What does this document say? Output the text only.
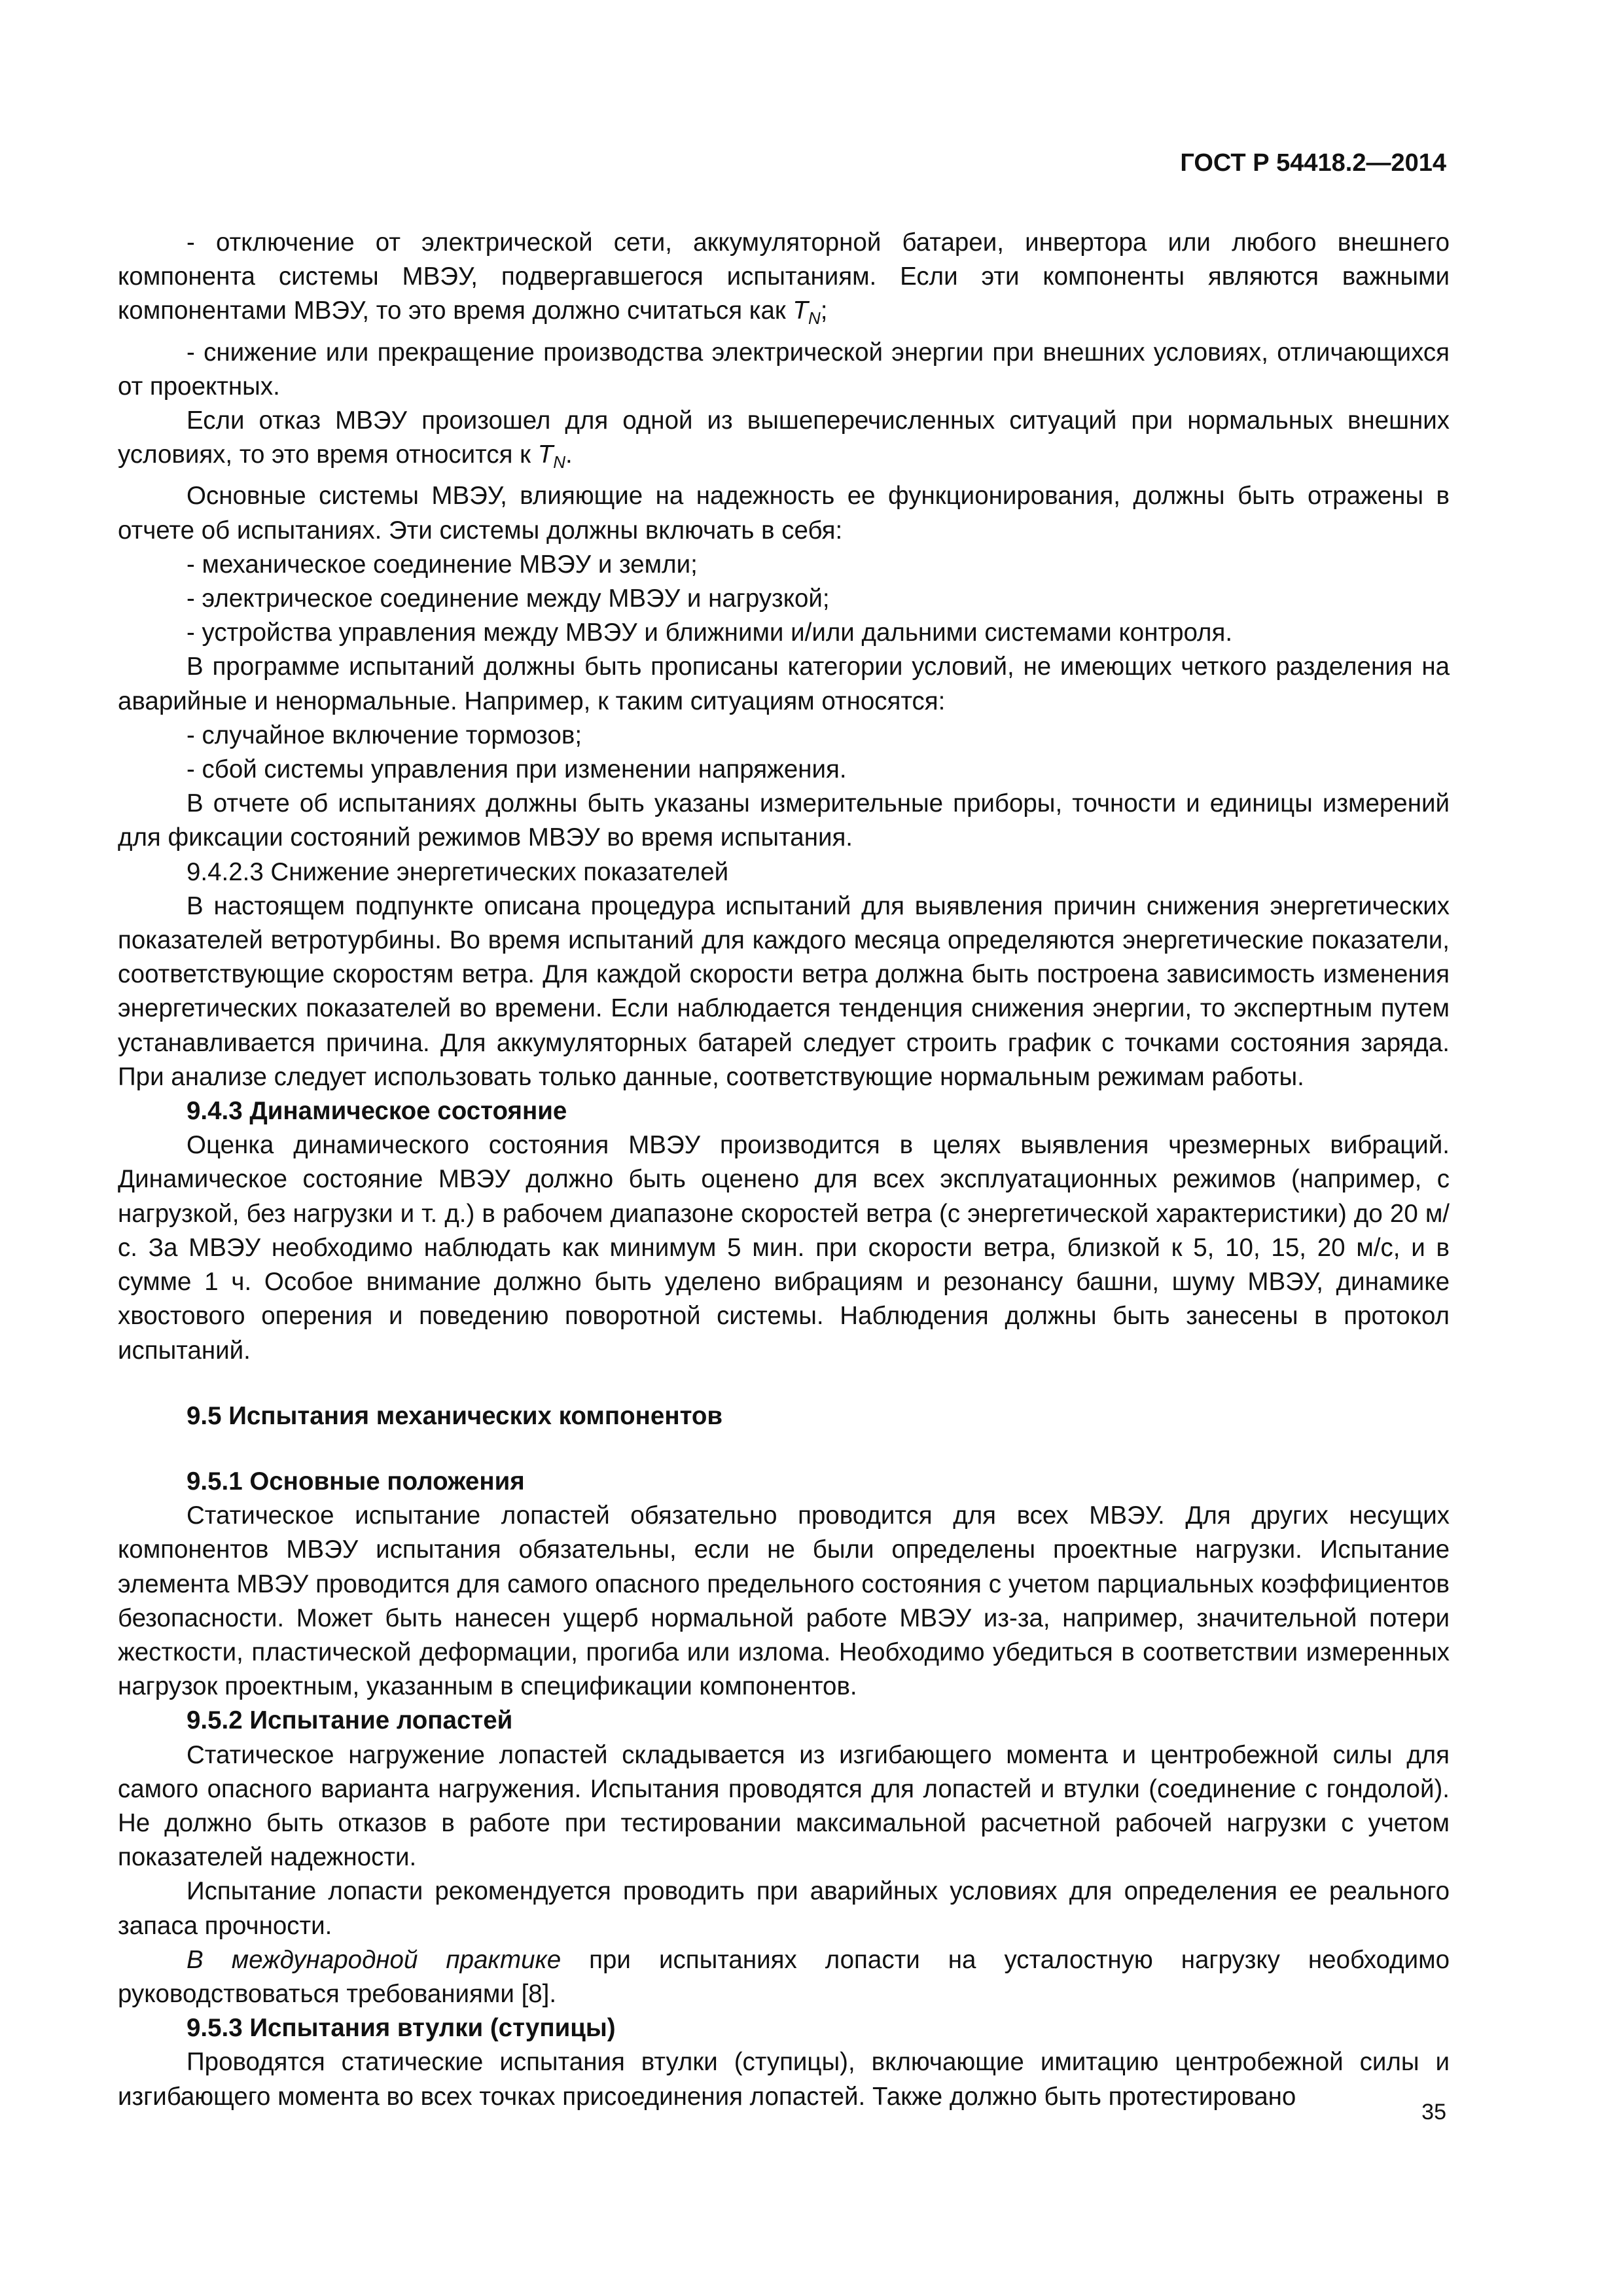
ГОСТ Р 54418.2—2014

- отключение от электрической сети, аккумуляторной батареи, инвертора или любого внешнего компонента системы МВЭУ, подвергавшегося испытаниям. Если эти компоненты являются важными компонентами МВЭУ, то это время должно считаться как $T_N$;

- снижение или прекращение производства электрической энергии при внешних условиях, отличающихся от проектных.

Если отказ МВЭУ произошел для одной из вышеперечисленных ситуаций при нормальных внешних условиях, то это время относится к $T_N$.

Основные системы МВЭУ, влияющие на надежность ее функционирования, должны быть отражены в отчете об испытаниях. Эти системы должны включать в себя:

- механическое соединение МВЭУ и земли;

- электрическое соединение между МВЭУ и нагрузкой;

- устройства управления между МВЭУ и ближними и/или дальними системами контроля.

В программе испытаний должны быть прописаны категории условий, не имеющих четкого разделения на аварийные и ненормальные. Например, к таким ситуациям относятся:

- случайное включение тормозов;

- сбой системы управления при изменении напряжения.

В отчете об испытаниях должны быть указаны измерительные приборы, точности и единицы измерений для фиксации состояний режимов МВЭУ во время испытания.

9.4.2.3 Снижение энергетических показателей

В настоящем подпункте описана процедура испытаний для выявления причин снижения энергетических показателей ветротурбины. Во время испытаний для каждого месяца определяются энергетические показатели, соответствующие скоростям ветра. Для каждой скорости ветра должна быть построена зависимость изменения энергетических показателей во времени. Если наблюдается тенденция снижения энергии, то экспертным путем устанавливается причина. Для аккумуляторных батарей следует строить график с точками состояния заряда. При анализе следует использовать только данные, соответствующие нормальным режимам работы.

9.4.3 Динамическое состояние

Оценка динамического состояния МВЭУ производится в целях выявления чрезмерных вибраций. Динамическое состояние МВЭУ должно быть оценено для всех эксплуатационных режимов (например, с нагрузкой, без нагрузки и т. д.) в рабочем диапазоне скоростей ветра (с энергетической характеристики) до 20 м/с. За МВЭУ необходимо наблюдать как минимум 5 мин. при скорости ветра, близкой к 5, 10, 15, 20 м/с, и в сумме 1 ч. Особое внимание должно быть уделено вибрациям и резонансу башни, шуму МВЭУ, динамике хвостового оперения и поведению поворотной системы. Наблюдения должны быть занесены в протокол испытаний.

9.5 Испытания механических компонентов

9.5.1 Основные положения

Статическое испытание лопастей обязательно проводится для всех МВЭУ. Для других несущих компонентов МВЭУ испытания обязательны, если не были определены проектные нагрузки. Испытание элемента МВЭУ проводится для самого опасного предельного состояния с учетом парциальных коэффициентов безопасности. Может быть нанесен ущерб нормальной работе МВЭУ из-за, например, значительной потери жесткости, пластической деформации, прогиба или излома. Необходимо убедиться в соответствии измеренных нагрузок проектным, указанным в спецификации компонентов.

9.5.2 Испытание лопастей

Статическое нагружение лопастей складывается из изгибающего момента и центробежной силы для самого опасного варианта нагружения. Испытания проводятся для лопастей и втулки (соединение с гондолой). Не должно быть отказов в работе при тестировании максимальной расчетной рабочей нагрузки с учетом показателей надежности.

Испытание лопасти рекомендуется проводить при аварийных условиях для определения ее реального запаса прочности.

В международной практике при испытаниях лопасти на усталостную нагрузку необходимо руководствоваться требованиями [8].

9.5.3 Испытания втулки (ступицы)

Проводятся статические испытания втулки (ступицы), включающие имитацию центробежной силы и изгибающего момента во всех точках присоединения лопастей. Также должно быть протестировано

35
